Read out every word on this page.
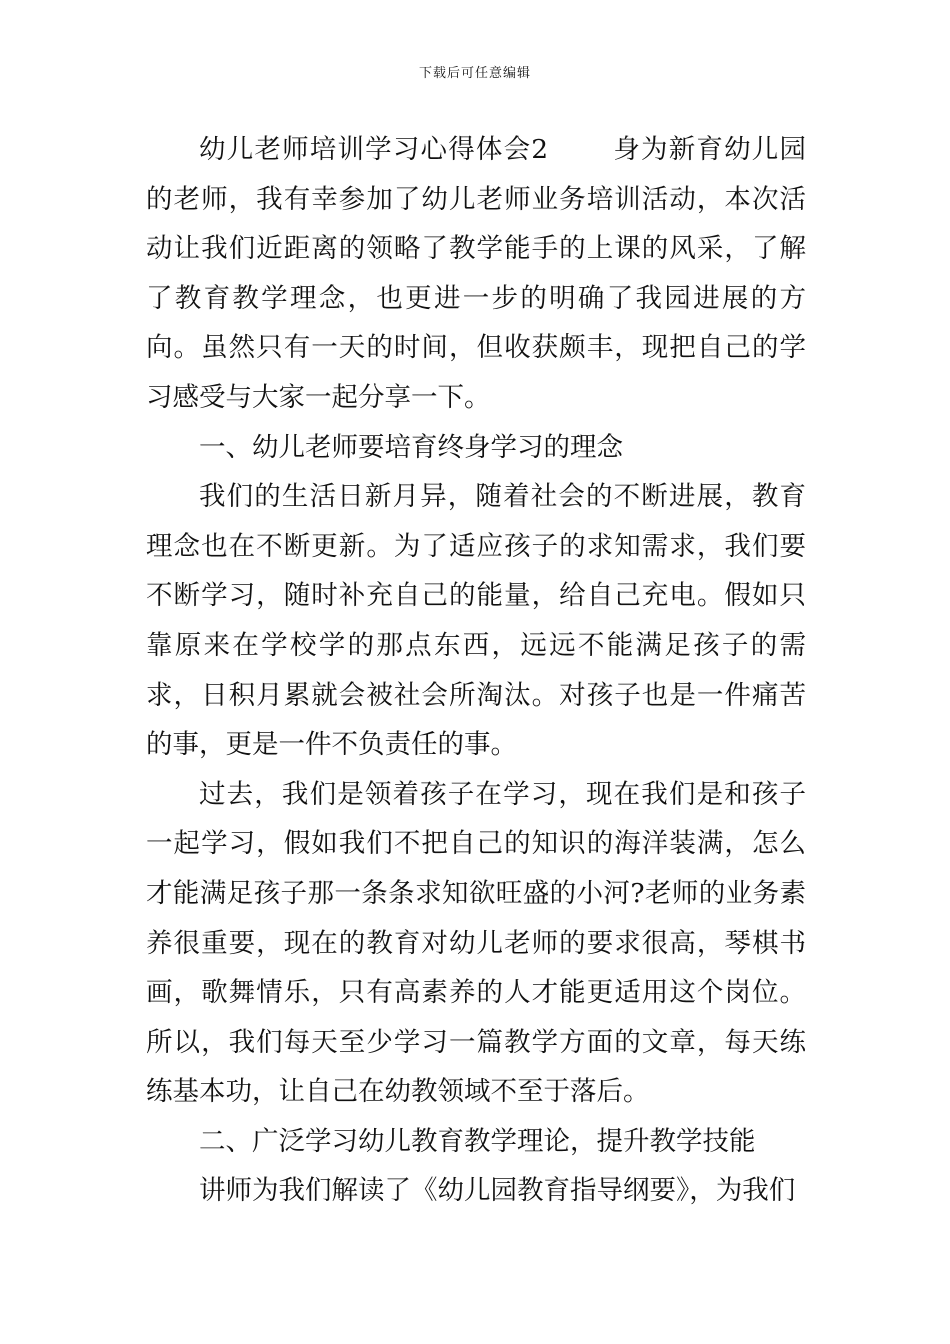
下载后可任意编辑

幼儿老师培训学习心得体会2 身为新育幼儿园的老师，我有幸参加了幼儿老师业务培训活动，本次活动让我们近距离的领略了教学能手的上课的风采，了解了教育教学理念，也更进一步的明确了我园进展的方向。虽然只有一天的时间，但收获颇丰，现把自己的学习感受与大家一起分享一下。

一、幼儿老师要培育终身学习的理念

我们的生活日新月异，随着社会的不断进展，教育理念也在不断更新。为了适应孩子的求知需求，我们要不断学习，随时补充自己的能量，给自己充电。假如只靠原来在学校学的那点东西，远远不能满足孩子的需求，日积月累就会被社会所淘汰。对孩子也是一件痛苦的事，更是一件不负责任的事。

过去，我们是领着孩子在学习，现在我们是和孩子一起学习，假如我们不把自己的知识的海洋装满，怎么才能满足孩子那一条条求知欲旺盛的小河?老师的业务素养很重要，现在的教育对幼儿老师的要求很高，琴棋书画，歌舞情乐，只有高素养的人才能更适用这个岗位。所以，我们每天至少学习一篇教学方面的文章，每天练练基本功，让自己在幼教领域不至于落后。

二、广泛学习幼儿教育教学理论，提升教学技能

讲师为我们解读了《幼儿园教育指导纲要》，为我们
